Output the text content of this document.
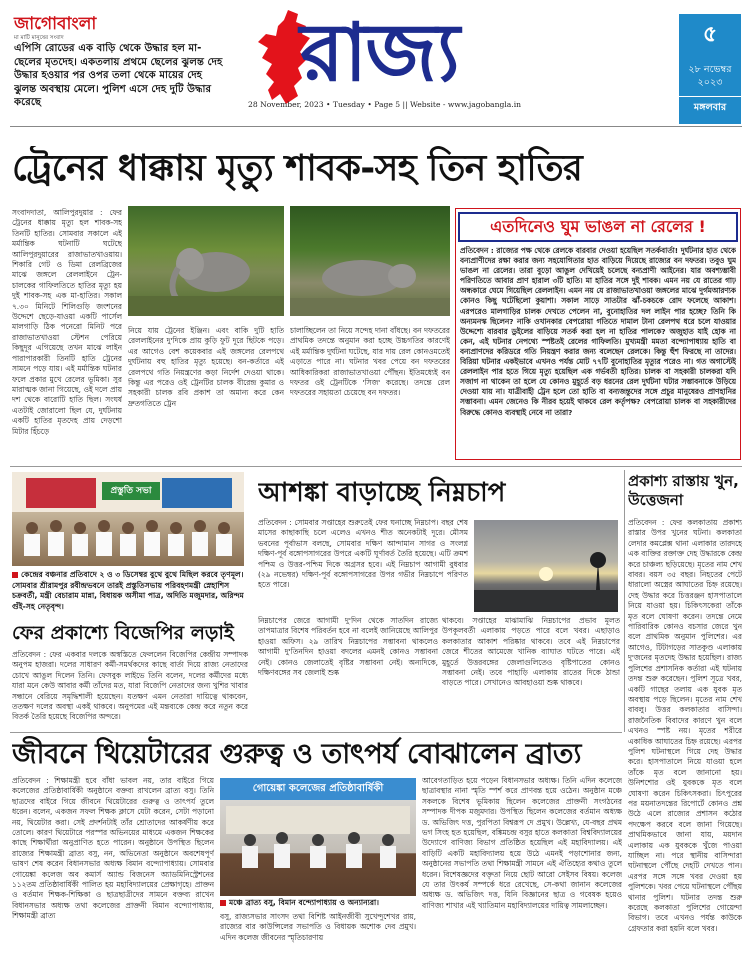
জাগোবাংলা
মা মাটি মানুষের সংবাদ
এপিসি রোডের এক বাড়ি থেকে উদ্ধার হল মা-ছেলের মৃতদেহ। একতলায় প্রথমে ছেলের ঝুলন্ত দেহ উদ্ধার হওয়ার পর ওপর তলা থেকে মায়ের দেহ ঝুলন্ত অবস্থায় মেলে। পুলিশ এসে দেহ দুটি উদ্ধার করেছে
রাজ্য
28 November, 2023 • Tuesday • Page 5 || Website - www.jagobangla.in
৫
২৮ নভেম্বর
২০২৩
মঙ্গলবার
ট্রেনের ধাক্কায় মৃত্যু শাবক-সহ তিন হাতির
সংবাদদাতা, আলিপুরদুয়ার : ফের ট্রেনের ধাক্কায় মৃত্যু হল শাবক-সহ তিনটি হাতির। সোমবার সকালে এই মর্মান্তিক ঘটনাটি ঘটেছে আলিপুরদুয়ারের রাজাভাতখাওয়ায়। শিকারি গেট ও ডিমা রেলব্রিজের মাঝে জঙ্গলে রেললাইনে ট্রেন-চালকের গাফিলতিতে হাতির মৃত্যু হয় দুই শাবক-সহ এক মা-হাতির। সকাল ৭.৩০ মিনিটে শিলিগুড়ি জংশনের উদ্দেশে ছেড়ে-যাওয়া একটি পার্সেল মালগাড়ি ঠিক পনেরো মিনিট পরে রাজাভাতখাওয়া স্টেশন পেরিয়ে কিছুদূর এগিয়েছে তখন মাঝে লাইন পারাপারকারী তিনটি হাতি ট্রেনের সামনে পড়ে যায়। এই মর্মান্তিক ঘটনার ফলে প্রকার মুখে রেলের ভূমিকা। সুর মারাত্মক জানা গিয়েছে, ওই দলে প্রায় দশ থেকে বারোটি হাতি ছিল। সংঘর্ষ এতটাই জোরালো ছিল যে, দুর্ঘটনায় একটি হাতির মৃতদেহ প্রায় দেড়শো মিটার হিঁচড়ে
নিয়ে যায় ট্রেনের ইঞ্জিন। এবং বাকি দুটি হাতি রেললাইনের দু'দিকে প্রায় কুড়ি ফুট দূরে ছিটকে পড়ে। এর আগেও বেশ কয়েকবার এই জঙ্গলের রেলপথে দুর্ঘটনায় বহু হাতির মৃত্যু হয়েছে। বন-কর্তারে এই রেলপথে গতি নিয়ন্ত্রণের কড়া নির্দেশ দেওয়া থাকে। কিন্তু এর পরেও ওই ট্রেনটির চালক বীরেন্দ্র কুমার ও সহকারী চালক রবি প্রকাশ তা অমান্য করে কেন দ্রুতগতিতে ট্রেন
চালাচ্ছিলেন তা নিয়ে সন্দেহ দানা বাঁধছে। বন দফতরের প্রাথমিক তদন্তে অনুমান করা হচ্ছে উচ্চগতির কারণেই এই মর্মান্তিক দুর্ঘটনা ঘটেছে, যার দায় রেল কোনওমতেই এড়াতে পারে না। ঘটনার খবর পেয়ে বন দফতরের আধিকারিকরা রাজাভাতখাওয়া পৌঁছন। ইতিমধ্যেই বন দফতর ওই ট্রেনটিকে 'সিজ' করেছে। তদন্তে রেল দফতরের সহায়তা চেয়েছে বন দফতর।
এতদিনেও ঘুম ভাঙল না রেলের !
প্রতিবেদন : রাজ্যের পক্ষ থেকে রেলকে বারবার দেওয়া হয়েছিল সতর্কবার্তা! দুর্ঘটনার হাত থেকে বন্যপ্রাণীদের রক্ষা করার জন্য সহযোগিতার হাত বাড়িয়ে দিয়েছে রাজ্যের বন দফতর। তবুও ঘুম ভাঙল না রেলের। তারা বুড়ো আঙুল দেখিয়েই চলেছে বন্যপ্রাণী আইনের। যার অবশ্যম্ভাবী পরিণতিতে আবার প্রাণ হারাল ৩টি হাতি। মা হাতির সঙ্গে দুই শাবক। এমন নয় যে রাতের গাঢ় অন্ধকারে ঘেমে গিয়েছিল রেললাইন। এমন নয় যে রাজাভাতখাওয়া জঙ্গলের মাঝে দুর্গমআরণ্যক কোনও কিছু ঘটেছিলো কুয়াশা। সকাল সাড়ে সাতটার ঝাঁ-চকচকে রোদ ফলেছে আকাশ। এরপরেও মালগাড়ির চালক দেখতে পেলেন না, বুনোহাতির দল লাইন পার হচ্ছে? তিনি কি অন্যমনস্ক ছিলেন? নাকি ওখানকার বেপরোয়া গতিতে দামাল টানা রেলপথ ধরে চলে যাওয়ার উদ্দেশ্যে বারবার ডুইলের বাড়িয়ে সতর্ক করা হল না হাতির পালকে? অজুহাত যাই হোক না কেন, এই ঘটনার নেপথ্যে স্পষ্টতই রেলের গাফিলতি। মুখ্যমন্ত্রী মমতা বন্দ্যোপাধ্যায় হাতি বা বন্যপ্রাণদের করিডরে গতি নিয়ন্ত্রণ করার জন্য বলেছেন রেলকে। কিন্তু হুঁশ ফিরছে না তাদের। বিরিয়া ঘটনার একইভাবে এখনও পর্যন্ত মোট ৭৭টি বুনোহাতির মৃত্যুর পরেও না। গত অগাস্টেই রেললাইন পার হতে গিয়ে মৃত্যু হয়েছিল এক গর্ভবতী হাতির। চালক বা সহকারী চালকরা যদি সজাগ না থাকেন তা হলে যে কোনও মুহূর্তে বড় ধরনের রেল দুর্ঘটনা ঘটার সম্ভাবনাকে উড়িয়ে দেওয়া যায় না। যাত্রীবাহী ট্রেন হলে তো হাতি বা বন্যজন্তুদের সঙ্গে প্রচুর মানুষেরও প্রাণহানির সম্ভাবনা। এমন জেনেও কি নীরব হয়েই থাকবে রেল কর্তৃপক্ষ? বেপরোয়া চালক বা সহকারীদের বিরুদ্ধে কোনও ব্যবস্থাই নেবে না তারা?
প্রস্তুতি সভা
কেন্দ্রের বঞ্চনার প্রতিবাদে ২ ও ৩ ডিসেম্বর বুথে বুথে মিছিল করবে তৃণমূল। সোমবার শ্রীরামপুর রবীন্দ্রভবনে তারই প্রস্তুতিসভায় পরিবহণমন্ত্রী স্নেহাশিস চক্রবর্তী, মন্ত্রী বেচারাম মান্না, বিধায়ক অসীমা পাত্র, অদিতি মজুমদার, অরিন্দম গুঁই-সহ নেতৃবৃন্দ।
ফের প্রকাশ্যে বিজেপির লড়াই
প্রতিবেদন : ফের একবার দলকে অস্বস্তিতে ফেললেন বিজেপির কেন্দ্রীয় সম্পাদক অনুপম হাজরা। দলের সাধারণ কর্মী-সমর্থকদের কাছে বার্তা দিয়ে রাজ্য নেতাদের চোখে আঙুল দিলেন তিনি। ফেসবুক লাইভে তিনি বলেন, দলের কর্মীদের মধ্যে যারা মনে কেউ আবার কর্মী তাঁদের মত, যারা বিজেপি নেতাদের জন্য খুশির খাবার সন্ধানে বেরিয়ে সমৃদ্ধিশালী হয়েছেন। যতক্ষণ এমন নেতারা দায়িত্বে থাকবেন, ততক্ষণ দলের অবস্থা একই থাকবে। অনুপমের এই মন্তব্যকে কেন্দ্র করে নতুন করে বিতর্ক তৈরি হয়েছে বিজেপির অন্দরে।
আশঙ্কা বাড়াচ্ছে নিম্নচাপ
প্রতিবেদন : সোমবার সপ্তাহের শুরুতেই ফের ঘনাচ্ছে নিম্নচাপ। বছর শেষ মাসের কাছাকাছি চলে এলেও এখনও শীত অনেকটাই দূরে। মৌসম ভবনের পূর্বাভাস বলছে, সোমবার দক্ষিণ আন্দামান সাগর ও সংলগ্ন দক্ষিণ-পূর্ব বঙ্গোপসাগরের উপরে একটি ঘূর্ণাবর্ত তৈরি হয়েছে। এটি ক্রমশ পশ্চিম ও উত্তর-পশ্চিম দিকে অগ্রসর হবে। এই নিম্নচাপ আগামী বুধবার (২৯ নভেম্বর) দক্ষিণ-পূর্ব বঙ্গোপসাগরের উপর গভীর নিম্নচাপে পরিণত হতে পারে।
নিম্নচাপের জেরে আগামী দু'দিন থেকে সাতদিন রাজ্যে তাপমাত্রার বিশেষ পরিবর্তন হবে না বলেই জানিয়েছে আলিপুর হাওয়া অফিস। ২৯ তারিখ নিম্নচাপের সম্ভাবনা থাকলেও আগামী দু'তিনদিন হাওয়া বদলের এমনই কোনও সম্ভাবনা নেই। কোনও জেলাতেই বৃষ্টির সম্ভাবনা নেই। অন্যদিকে, দক্ষিণবঙ্গের সব জেলাই শুষ্ক
থাকবে। সপ্তাহের মাঝামাঝি নিম্নচাপের প্রভাব মূলত উপকূলবর্তী এলাকায় পড়তে পারে বলে খবর। এছাড়াও কলকাতার আকাশ পরিষ্কার থাকবে। তবে এই নিম্নচাপের জেরে শীতের আমেজে খানিক ব্যাঘাত ঘটতে পারে। এই মুহূর্তে উত্তরবঙ্গের জেলাগুলিতেও বৃষ্টিপাতের কোনও সম্ভাবনা নেই। তবে পাহাড়ি এলাকায় রাতের দিকে ঠান্ডা বাড়তে পারে। সেখানেও আবহাওয়া শুষ্ক থাকবে।
প্রকাশ্য রাস্তায় খুন, উত্তেজনা
প্রতিবেদন : ফের কলকাতায় প্রকাশ্য রাস্তার উপর খুনের ঘটনা। কলকাতা লেদার কমপ্লেক্স থানা এলাকার তারদহে এক ব্যক্তির রক্তাক্ত দেহ উদ্ধারকে কেন্দ্র করে চাঞ্চল্য ছড়িয়েছে। মৃতের নাম শেখ বাবর। বয়স ৩৫ বছর। নিহতের পেটে ধারালো অস্ত্রের আঘাতের চিহ্ন রয়েছে। দেহ উদ্ধার করে চিত্তরঞ্জন হাসপাতালে নিয়ে যাওয়া হয়। চিকিৎসকেরা তাঁকে মৃত বলে ঘোষণা করেন। তদন্তে নেমে পারিবারিক কোনও বচসার জেরে খুন বলে প্রাথমিক অনুমান পুলিশের। এর আগেও, টিটাগড়ের সাতকুণ্ড এলাকায় দু'জনের মৃতদেহ উদ্ধার হয়েছিল। রাজ্য পুলিশের প্রশাসনিক কর্তারা এই ঘটনায় তদন্ত শুরু করেছেন। পুলিশ সূত্রে খবর, একটি গাছের তলায় এক যুবক মৃত অবস্থায় পড়ে ছিলেন। মৃতের নাম শেখ বাবলু। উত্তর কলকাতার বাসিন্দা। রাজনৈতিক বিবাদের কারণে খুন বলে এখনও স্পষ্ট নয়। মৃতের শরীরে একাধিক আঘাতের চিহ্ন রয়েছে। এরপর পুলিশ ঘটনাস্থলে গিয়ে দেহ উদ্ধার করে। হাসপাতালে নিয়ে যাওয়া হলে তাঁকে মৃত বলে জানানো হয়। উনিশশোর ওই যুবককে মৃত বলে ঘোষণা করেন চিকিৎসকরা। চিৎপুরের পর ময়নাতদন্তের রিপোর্টে কোনও প্রশ্ন উঠে এলে রাজ্যের প্রশাসন কঠোর পদক্ষেপ করবে বলে জানা গিয়েছে। প্রাথমিকভাবে জানা যায়, ময়দান এলাকায় এক যুবককে খুঁজে পাওয়া যাচ্ছিল না। পরে স্থানীয় বাসিন্দারা ঘটনাস্থলে পৌঁছে দেহটি দেখতে পান। এরপর সঙ্গে সঙ্গে খবর দেওয়া হয় পুলিশকে। খবর পেয়ে ঘটনাস্থলে পৌঁছয় থানার পুলিশ। ঘটনার তদন্ত শুরু করেছে কলকাতা পুলিশের গোয়েন্দা বিভাগ। তবে এখনও পর্যন্ত কাউকে গ্রেফতার করা হয়নি বলে খবর।
জীবনে থিয়েটারের গুরুত্ব ও তাৎপর্য বোঝালেন ব্রাত্য
প্রতিবেদন : শিক্ষামন্ত্রী হবে বাঁধা ভাবল নয়, তার বাইরে গিয়ে কলেজের প্রতিষ্ঠাবার্ষিকী অনুষ্ঠানে বক্তব্য রাখলেন ব্রাত্য বসু। তিনি ছাত্রদের বাইরে গিয়ে জীবনে থিয়েটারের গুরুত্ব ও তাৎপর্য তুলে ধরেন। বলেন, একজন সফল শিক্ষক ক্লাসে যেটা করেন, সেটা পড়ানো নয়, থিয়েটার করা। সেই প্রদর্শনটাই তাঁর শ্রোতাদের আকর্ষণীয় করে তোলে। কারণ থিয়েটারে পরস্পর অভিনয়ের মাধ্যমে একজন শিক্ষকের কাছে শিক্ষার্থীরা অনুপ্রাণিত হতে পারেন। অনুষ্ঠানে উপস্থিত ছিলেন রাজ্যের শিক্ষামন্ত্রী ব্রাত্য বসু, নন, অভিনেতা অনুষ্ঠানে অবশেষপূর্ণ ভাষণ শেষ করেন বিধানসভার অধ্যক্ষ বিমান বন্দ্যোপাধ্যায়। সোমবার গোয়েঙ্কা কলেজ অব কমার্স অ্যান্ড বিজনেস অ্যাডমিনিস্ট্রেশনের ১১২তম প্রতিষ্ঠাবার্ষিকী পালিত হয় মহাবিদ্যালয়ের প্রেক্ষাগৃহে। প্রাক্তন ও বর্তমান শিক্ষক-শিক্ষিকা ও ছাত্রছাত্রীদের সামনে বক্তব্য রাখেন বিধানসভার অধ্যক্ষ তথা কলেজের প্রাক্তনী বিমান বন্দ্যোপাধ্যায়, শিক্ষামন্ত্রী ব্রাত্য
গোয়েঙ্কা কলেজের প্রতিষ্ঠাবার্ষিকী
মঞ্চে ব্রাত্য বসু, বিমান বন্দ্যোপাধ্যায় ও অন্যান্যরা।
বসু, রাজ্যসভার সাংসদ তথা বিশিষ্ট আইনজীবী সুখেন্দুশেখর রায়, রাজ্যের বার কাউন্সিলের সভাপতি ও বিধায়ক অশোক দেব প্রমুখ। এদিন কলেজ জীবনের স্মৃতিচারণায়
আবেগতাড়িত হয়ে পড়েন বিধানসভার অধ্যক্ষ। তিনি এদিন কলেজে ছাত্রাবস্থার নানা স্মৃতি স্পর্শ করে প্রাণবন্ত হয়ে ওঠেন। অনুষ্ঠান মঞ্চে সকলকে বিশেষ ভূমিকায় ছিলেন কলেজের প্রাক্তনী সংগঠনের সম্পাদক দীপক মজুমদার। উপস্থিত ছিলেন কলেজের বর্তমান অধ্যক্ষ ড. অভিজিৎ দত্ত, পুরপিতা বিশ্বরূপ দে প্রমুখ। উল্লেখ্য, যে-বছর প্রথম ভগ সিংহ হত হয়েছিল, বঙ্কিমচন্দ্র বসুর হাতে কলকাতা বিশ্ববিদ্যালয়ের উদ্যোগে বাণিজ্য বিভাগ প্রতিষ্ঠিত হয়েছিল এই মহাবিদ্যালয়। এই বাড়িটি একটি মহাবিদ্যালয় হয়ে উঠে এমনই পড়াশোনার জন্য, অনুষ্ঠানের সভাপতি তথা শিক্ষামন্ত্রী সামনে এই ঐতিহ্যের কথাও তুলে ধরেন। বিশেষজ্ঞদের বক্তৃতা নিয়ে ছোট আরো সেইসব বিষয়। কলেজ যে তার উৎকর্ষ সম্পর্কে ধরে রেখেছে, সে-কথা জানান কলেজের অধ্যক্ষ ড. অভিজিৎ দত্ত, যিনি বিজ্ঞানের ছাত্র ও গবেষক হয়েও বাণিজ্য শাখার এই খ্যাতিমান মহাবিদ্যালয়ের দায়িত্ব সামলাচ্ছেন।
